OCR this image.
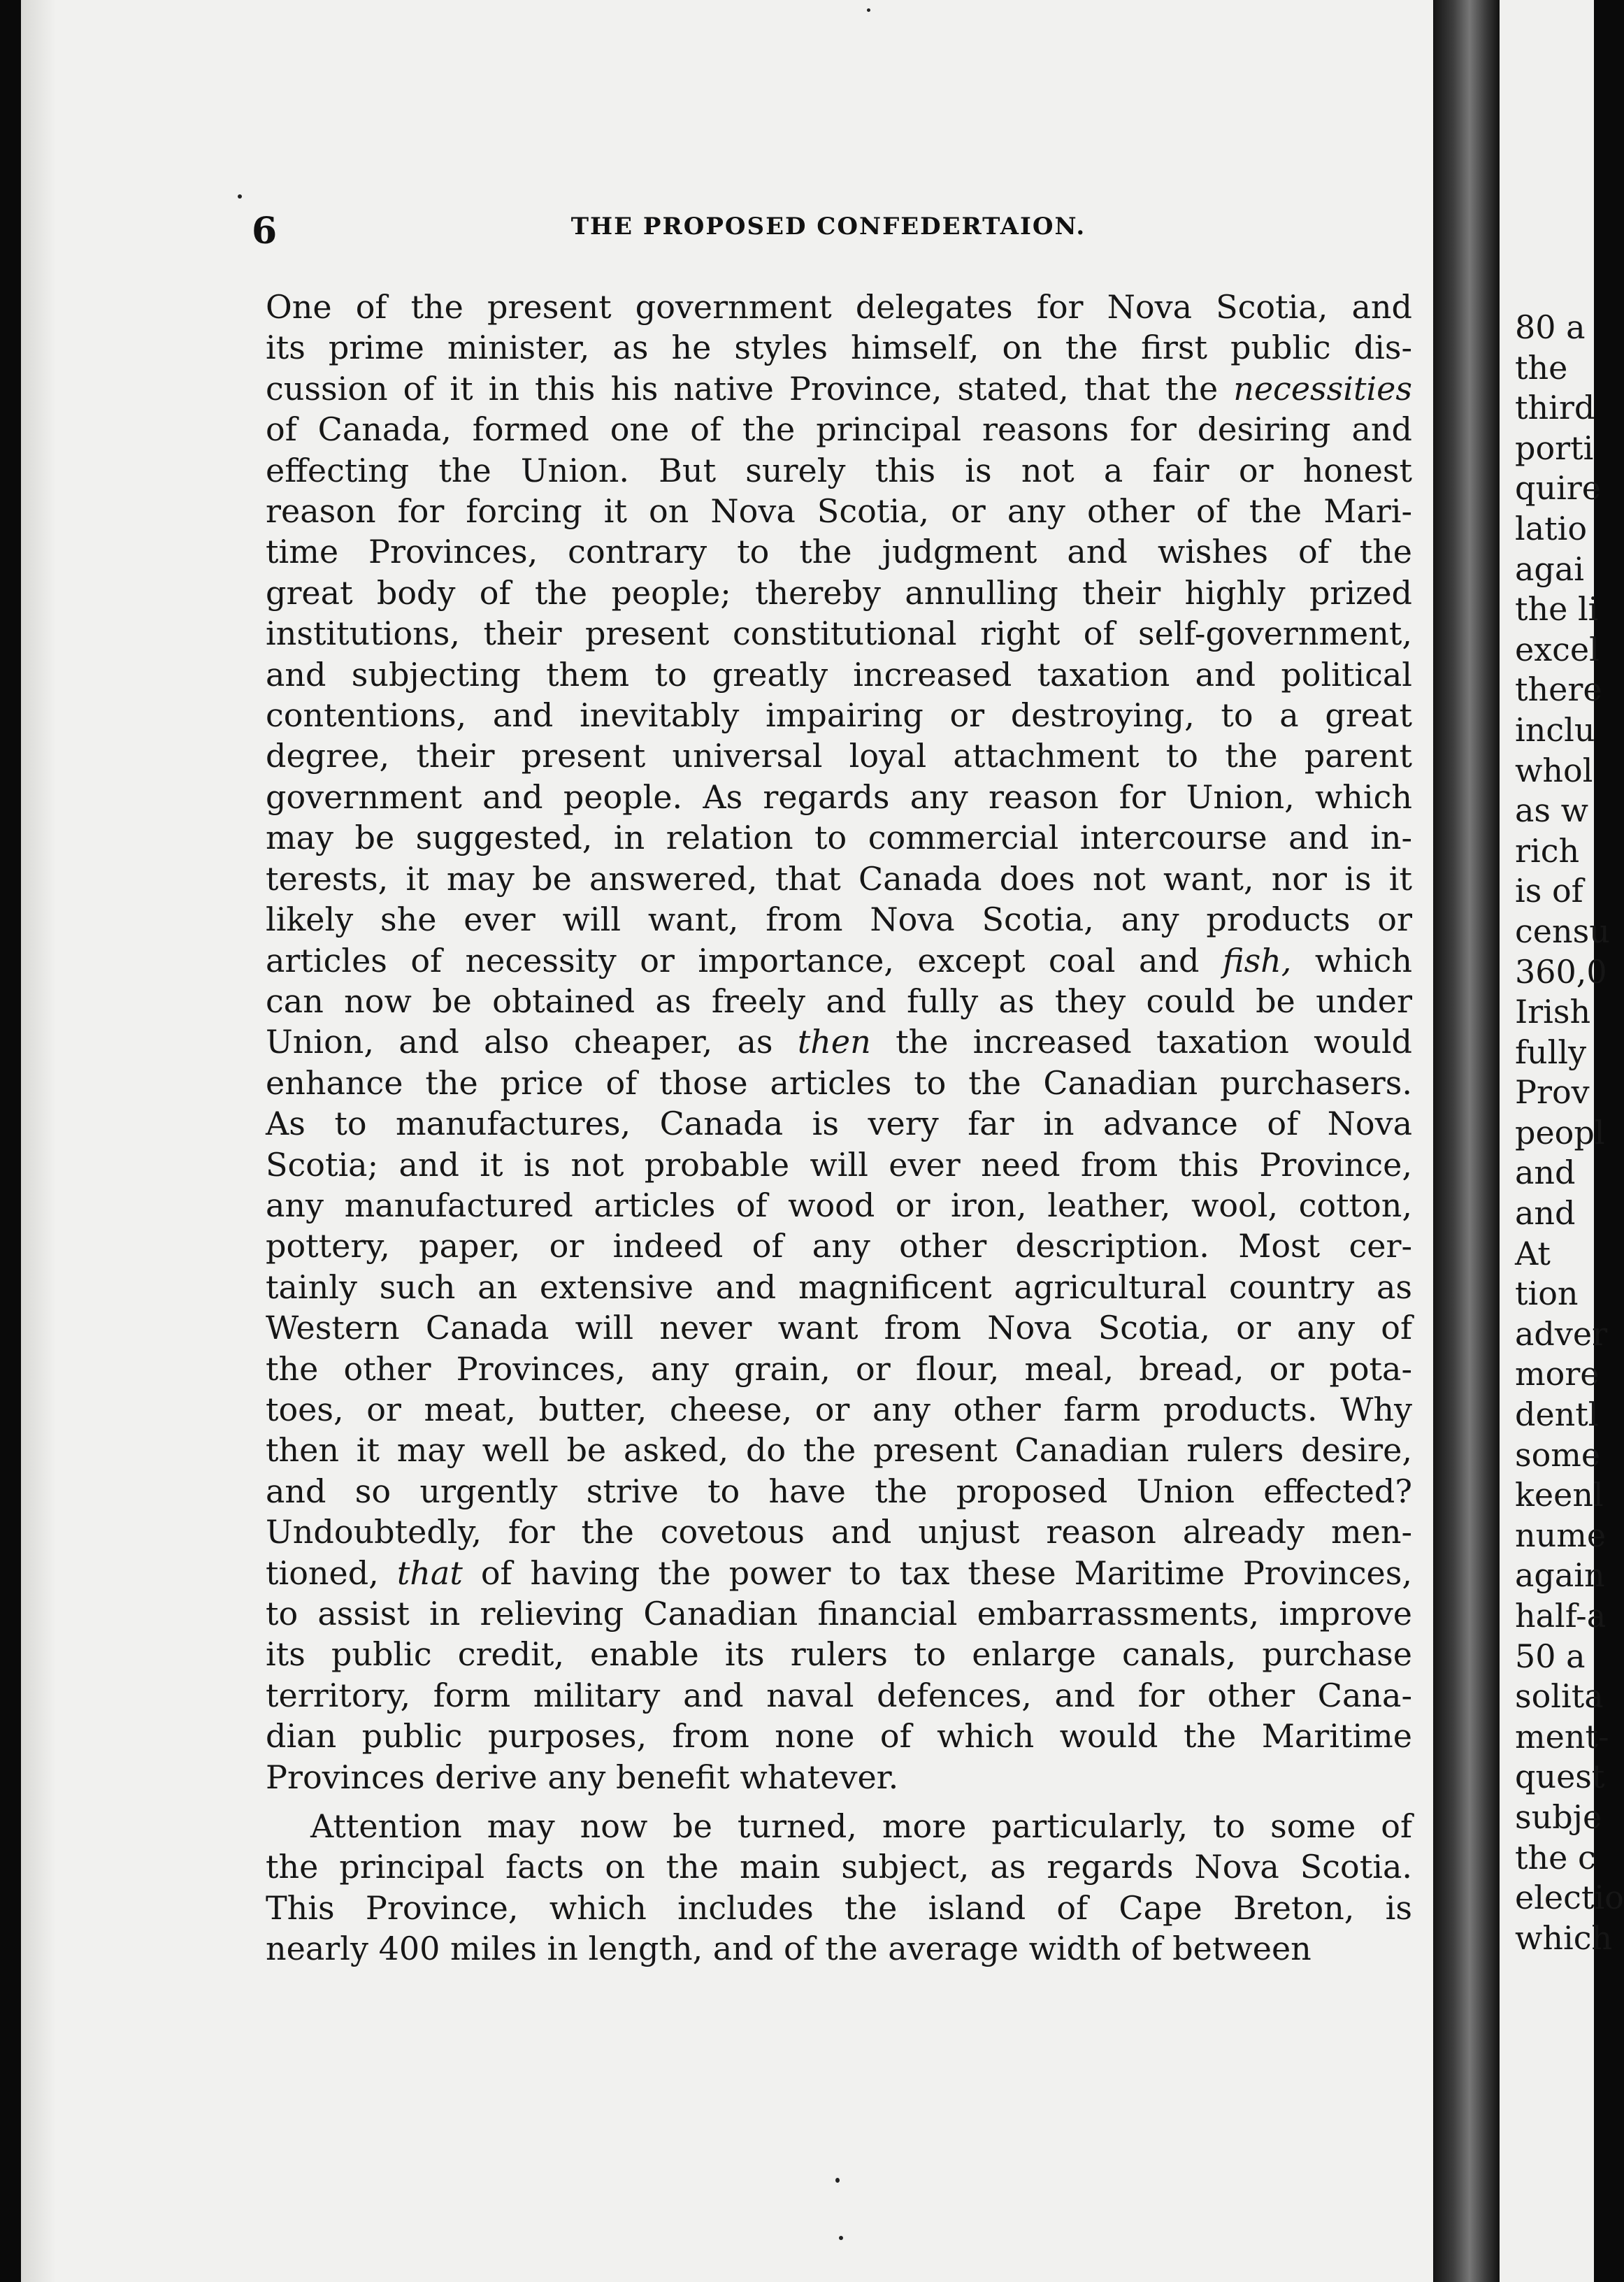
6	THE PROPOSED CONFEDERTAION.
One of the present government delegates for Nova Scotia, and
its prime minister, as he styles himself, on the first public dis-
cussion of it in this his native Province, stated, that the necessities
of Canada, formed one of the principal reasons for desiring and
effecting the Union. But surely this is not a fair or honest
reason for forcing it on Nova Scotia, or any other of the Mari-
time Provinces, contrary to the judgment and wishes of the
great body of the people; thereby annulling their highly prized
institutions, their present constitutional right of self-government,
and subjecting them to greatly increased taxation and political
contentions, and inevitably impairing or destroying, to a great
degree, their present universal loyal attachment to the parent
government and people. As regards any reason for Union, which
may be suggested, in relation to commercial intercourse and in-
terests, it may be answered, that Canada does not want, nor is it
likely she ever will want, from Nova Scotia, any products or
articles of necessity or importance, except coal and fish, which
can now be obtained as freely and fully as they could be under
Union, and also cheaper, as then the increased taxation would
enhance the price of those articles to the Canadian purchasers.
As to manufactures, Canada is very far in advance of Nova
Scotia; and it is not probable will ever need from this Province,
any manufactured articles of wood or iron, leather, wool, cotton,
pottery, paper, or indeed of any other description. Most cer-
tainly such an extensive and magnificent agricultural country as
Western Canada will never want from Nova Scotia, or any of
the other Provinces, any grain, or flour, meal, bread, or pota-
toes, or meat, butter, cheese, or any other farm products. Why
then it may well be asked, do the present Canadian rulers desire,
and so urgently strive to have the proposed Union effected?
Undoubtedly, for the covetous and unjust reason already men-
tioned, that of having the power to tax these Maritime Provinces,
to assist in relieving Canadian financial embarrassments, improve
its public credit, enable its rulers to enlarge canals, purchase
territory, form military and naval defences, and for other Cana-
dian public purposes, from none of which would the Maritime
Provinces derive any benefit whatever.
Attention may now be turned, more particularly, to some of
the principal facts on the main subject, as regards Nova Scotia.
This Province, which includes the island of Cape Breton, is
nearly 400 miles in length, and of the average width of between
80 a
the
third
porti
quire
latio
agai
the li
excel
there
inclu
whol
as w
rich
is of
censu
360,0
Irish
fully
Prov
peopl
and
and
At
tion
adver
more
dentl
some
keenl
nume
again
half-a
50 a
solita
ment-
quest
subje
the c
electio
which
